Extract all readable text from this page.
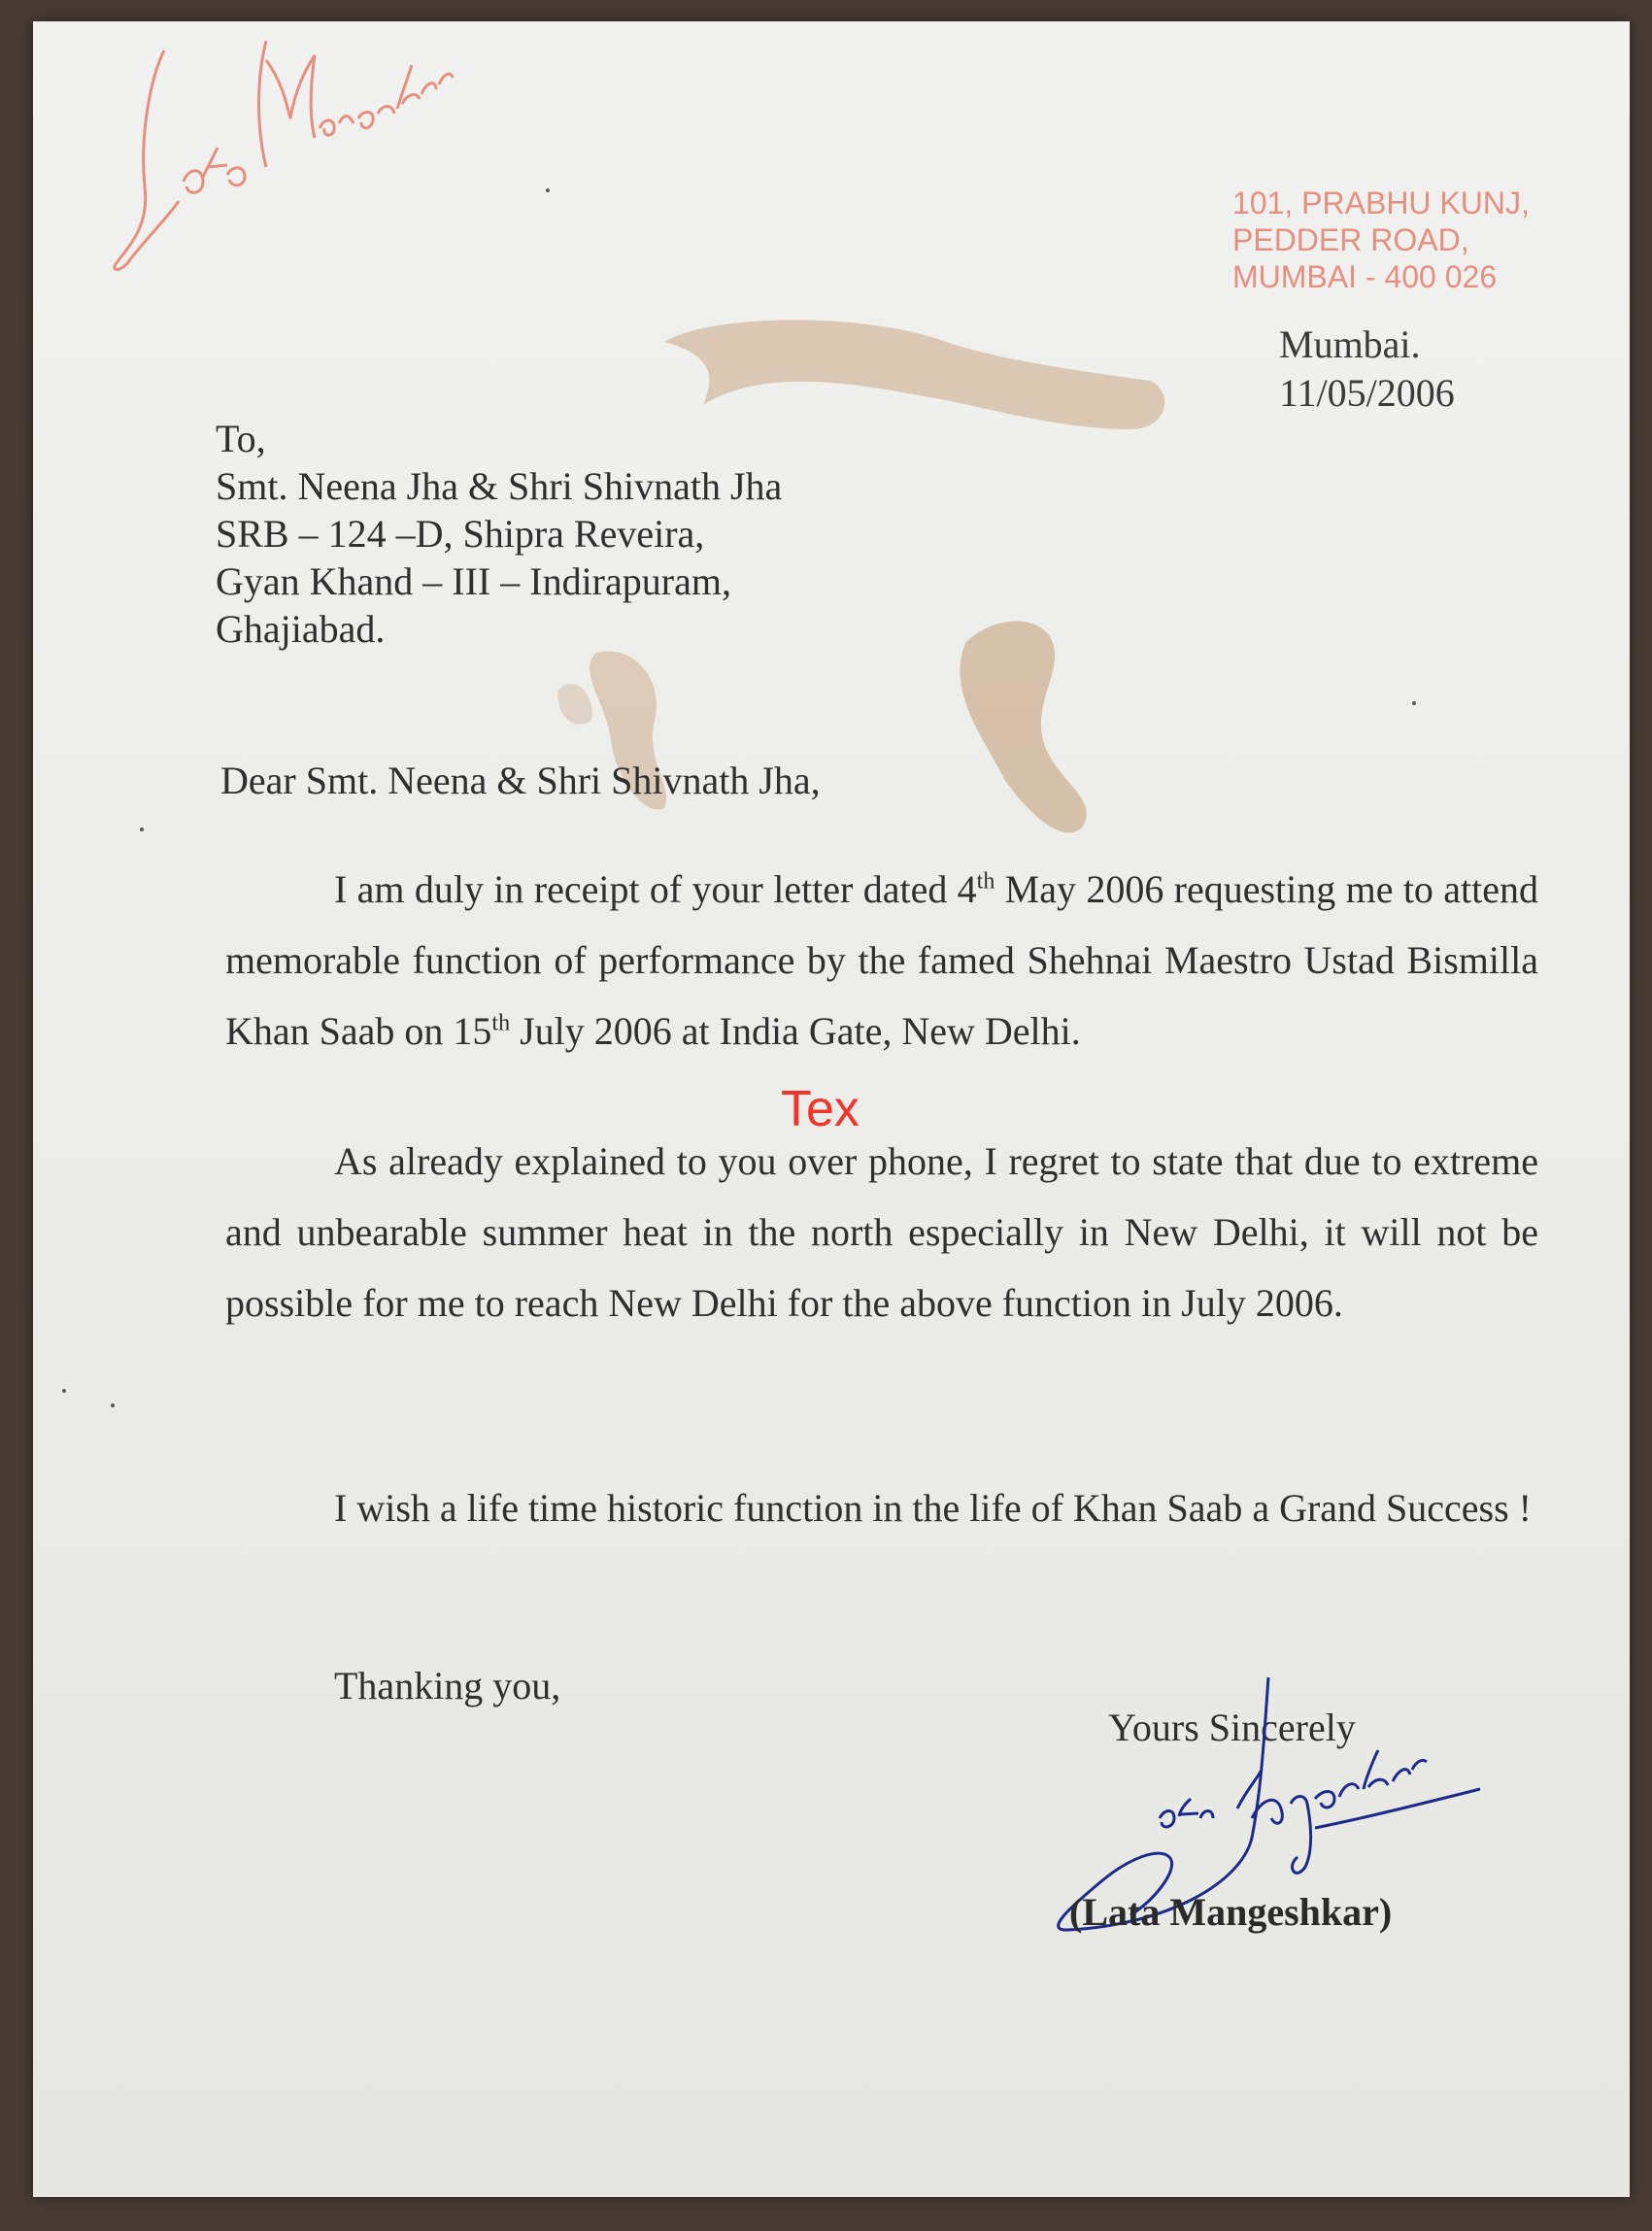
101, PRABHU KUNJ,
PEDDER ROAD,
MUMBAI - 400 026
Mumbai.
11/05/2006
To,
Smt. Neena Jha & Shri Shivnath Jha
SRB – 124 –D, Shipra Reveira,
Gyan Khand – III – Indirapuram,
Ghajiabad.
Dear Smt. Neena & Shri Shivnath Jha,
I am duly in receipt of your letter dated 4th May 2006 requesting me to attend memorable function of performance by the famed Shehnai Maestro Ustad Bismilla Khan Saab on 15th July 2006 at India Gate, New Delhi.
Tex
As already explained to you over phone, I regret to state that due to extreme and unbearable summer heat in the north especially in New Delhi, it will not be possible for me to reach New Delhi for the above function in July 2006.
I wish a life time historic function in the life of Khan Saab a Grand Success !
Thanking you,
Yours Sincerely
(Lata Mangeshkar)
